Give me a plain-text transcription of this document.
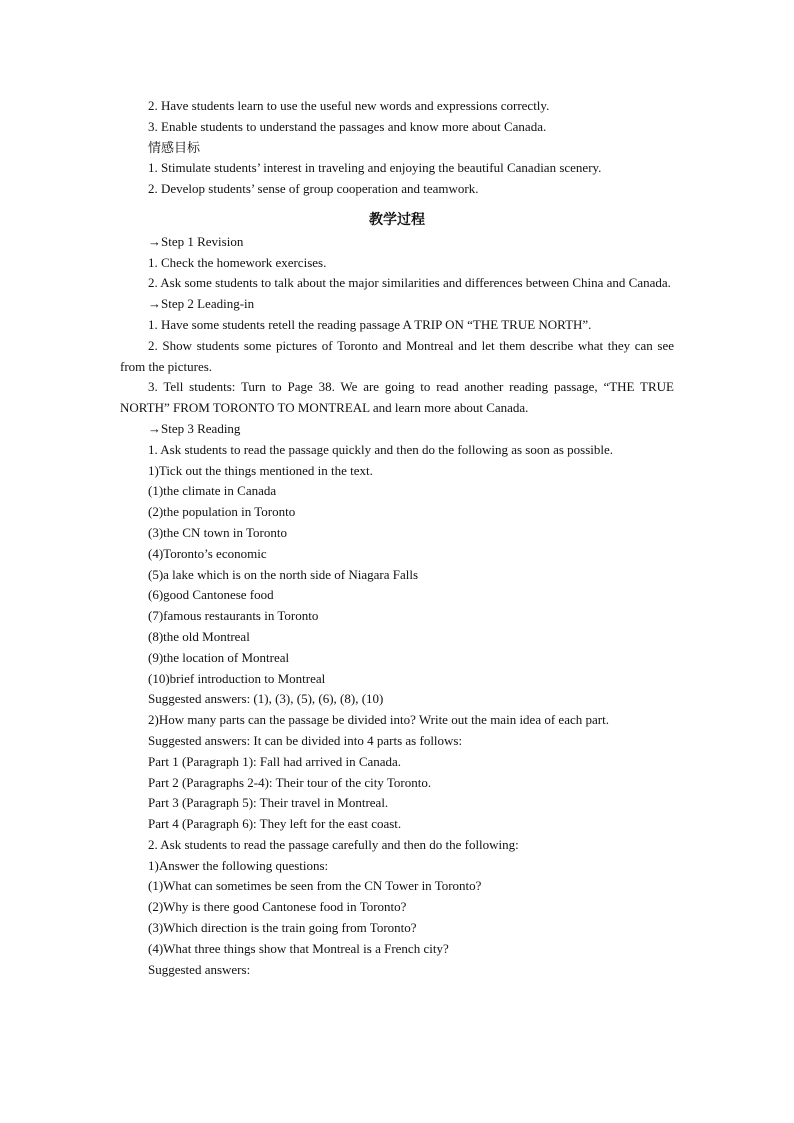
2. Have students learn to use the useful new words and expressions correctly.
3. Enable students to understand the passages and know more about Canada.
情感目标
1. Stimulate students’ interest in traveling and enjoying the beautiful Canadian scenery.
2. Develop students’ sense of group cooperation and teamwork.
教学过程
→Step 1 Revision
1. Check the homework exercises.
2. Ask some students to talk about the major similarities and differences between China and Canada.
→Step 2 Leading-in
1. Have some students retell the reading passage A TRIP ON “THE TRUE NORTH”.
2. Show students some pictures of Toronto and Montreal and let them describe what they can see from the pictures.
3. Tell students: Turn to Page 38. We are going to read another reading passage, “THE TRUE NORTH” FROM TORONTO TO MONTREAL and learn more about Canada.
→Step 3 Reading
1. Ask students to read the passage quickly and then do the following as soon as possible.
1)Tick out the things mentioned in the text.
(1)the climate in Canada
(2)the population in Toronto
(3)the CN town in Toronto
(4)Toronto’s economic
(5)a lake which is on the north side of Niagara Falls
(6)good Cantonese food
(7)famous restaurants in Toronto
(8)the old Montreal
(9)the location of Montreal
(10)brief introduction to Montreal
Suggested answers: (1), (3), (5), (6), (8), (10)
2)How many parts can the passage be divided into? Write out the main idea of each part.
Suggested answers: It can be divided into 4 parts as follows:
Part 1 (Paragraph 1): Fall had arrived in Canada.
Part 2 (Paragraphs 2-4): Their tour of the city Toronto.
Part 3 (Paragraph 5): Their travel in Montreal.
Part 4 (Paragraph 6): They left for the east coast.
2. Ask students to read the passage carefully and then do the following:
1)Answer the following questions:
(1)What can sometimes be seen from the CN Tower in Toronto?
(2)Why is there good Cantonese food in Toronto?
(3)Which direction is the train going from Toronto?
(4)What three things show that Montreal is a French city?
Suggested answers:
